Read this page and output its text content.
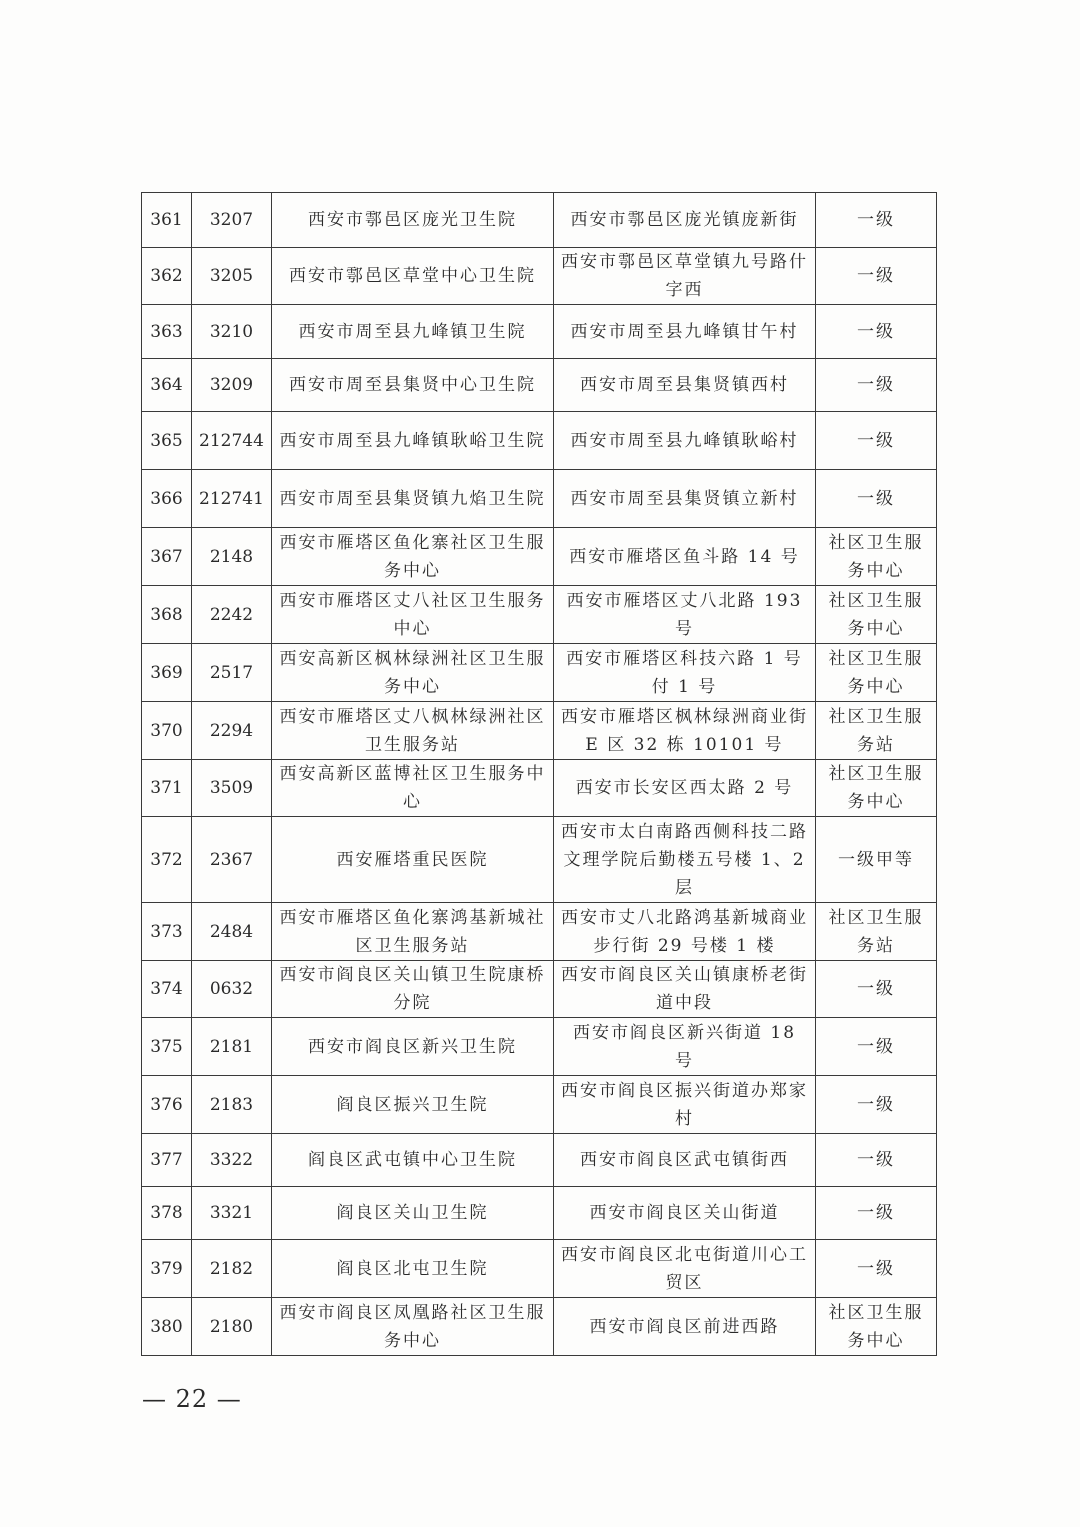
361	3207	西安市鄠邑区庞光卫生院	西安市鄠邑区庞光镇庞新街	一级
362	3205	西安市鄠邑区草堂中心卫生院	西安市鄠邑区草堂镇九号路什字西	一级
363	3210	西安市周至县九峰镇卫生院	西安市周至县九峰镇甘午村	一级
364	3209	西安市周至县集贤中心卫生院	西安市周至县集贤镇西村	一级
365	212744	西安市周至县九峰镇耿峪卫生院	西安市周至县九峰镇耿峪村	一级
366	212741	西安市周至县集贤镇九焰卫生院	西安市周至县集贤镇立新村	一级
367	2148	西安市雁塔区鱼化寨社区卫生服务中心	西安市雁塔区鱼斗路 14 号	社区卫生服务中心
368	2242	西安市雁塔区丈八社区卫生服务中心	西安市雁塔区丈八北路 193 号	社区卫生服务中心
369	2517	西安高新区枫林绿洲社区卫生服务中心	西安市雁塔区科技六路 1 号付 1 号	社区卫生服务中心
370	2294	西安市雁塔区丈八枫林绿洲社区卫生服务站	西安市雁塔区枫林绿洲商业街 E 区 32 栋 10101 号	社区卫生服务站
371	3509	西安高新区蓝博社区卫生服务中心	西安市长安区西太路 2 号	社区卫生服务中心
372	2367	西安雁塔重民医院	西安市太白南路西侧科技二路文理学院后勤楼五号楼 1、2 层	一级甲等
373	2484	西安市雁塔区鱼化寨鸿基新城社区卫生服务站	西安市丈八北路鸿基新城商业步行街 29 号楼 1 楼	社区卫生服务站
374	0632	西安市阎良区关山镇卫生院康桥分院	西安市阎良区关山镇康桥老街道中段	一级
375	2181	西安市阎良区新兴卫生院	西安市阎良区新兴街道 18 号	一级
376	2183	阎良区振兴卫生院	西安市阎良区振兴街道办郑家村	一级
377	3322	阎良区武屯镇中心卫生院	西安市阎良区武屯镇街西	一级
378	3321	阎良区关山卫生院	西安市阎良区关山街道	一级
379	2182	阎良区北屯卫生院	西安市阎良区北屯街道川心工贸区	一级
380	2180	西安市阎良区凤凰路社区卫生服务中心	西安市阎良区前进西路	社区卫生服务中心
— 22 —
